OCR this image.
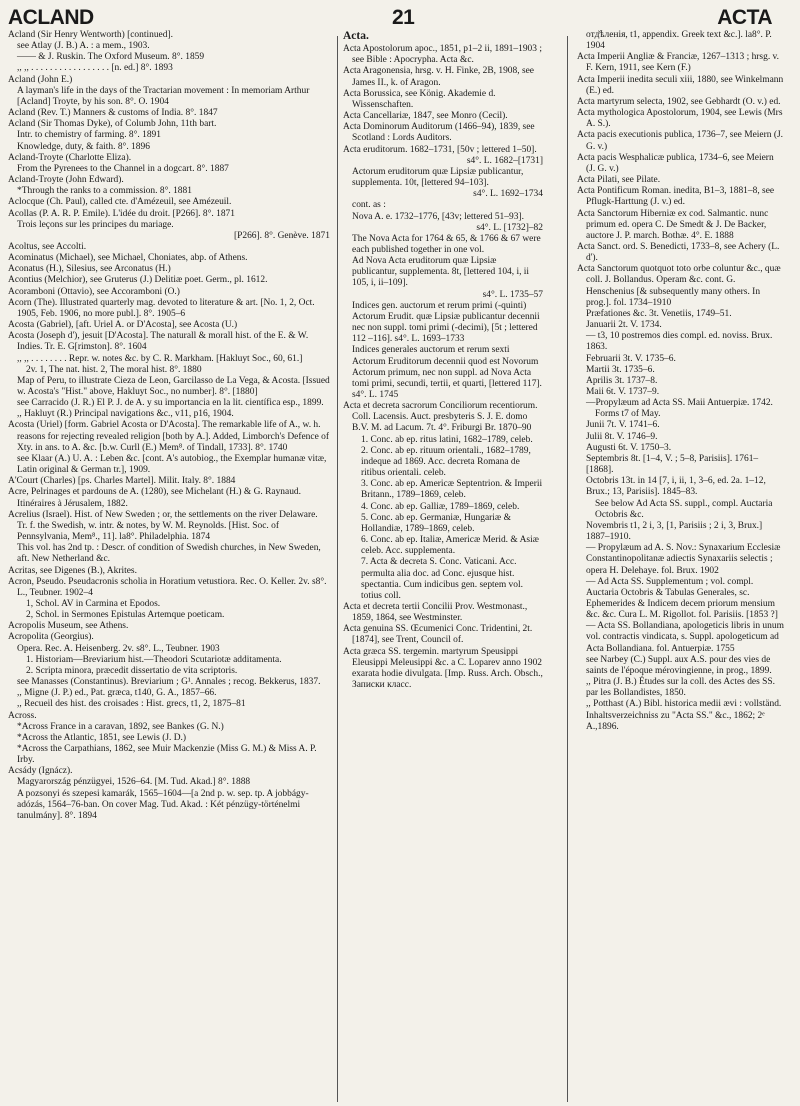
ACLAND	21	ACTA

Acland (Sir Henry Wentworth) [continued].

see Atlay (J. B.) A. : a mem., 1903.

—— & J. Ruskin. The Oxford Museum. 8°. 1859

,, ,, . . . . . . . . . . . . . . . . . [n. ed.] 8°. 1893

Acland (John E.)

A layman's life in the days of the Tractarian movement : In memoriam Arthur [Acland] Troyte, by his son. 8°. O. 1904

Acland (Rev. T.) Manners & customs of India. 8°. 1847

Acland (Sir Thomas Dyke), of Columb John, 11th bart.

Intr. to chemistry of farming. 8°. 1891

Knowledge, duty, & faith. 8°. 1896

Acland-Troyte (Charlotte Eliza).

From the Pyrenees to the Channel in a dogcart. 8°. 1887

Acland-Troyte (John Edward).

*Through the ranks to a commission. 8°. 1881

Aclocque (Ch. Paul), called cte. d'Amézeuil, see Amézeuil.

Acollas (P. A. R. P. Emile). L'idée du droit. [P266]. 8°. 1871

Trois leçons sur les principes du mariage.

[P266]. 8°. Genève. 1871

Acoltus, see Accolti.

Acominatus (Michael), see Michael, Choniates, abp. of Athens.

Aconatus (H.), Silesius, see Arconatus (H.)

Acontius (Melchior), see Gruterus (J.) Delitiæ poet. Germ., pl. 1612.

Acoramboni (Ottavio), see Accoramboni (O.)

Acorn (The). Illustrated quarterly mag. devoted to literature & art. [No. 1, 2, Oct. 1905, Feb. 1906, no more publ.]. 8°. 1905–6

Acosta (Gabriel), [aft. Uriel A. or D'Acosta], see Acosta (U.)

Acosta (Joseph d'), jesuit [D'Acosta]. The naturall & morall hist. of the E. & W. Indies. Tr. E. G[rimston]. 8°. 1604

,, ,, . . . . . . . . Repr. w. notes &c. by C. R. Markham. [Hakluyt Soc., 60, 61.]

2v. 1, The nat. hist. 2, The moral hist. 8°. 1880

Map of Peru, to illustrate Cieza de Leon, Garcilasso de La Vega, & Acosta. [Issued w. Acosta's "Hist." above, Hakluyt Soc., no number]. 8°. [1880]

see Carracido (J. R.) El P. J. de A. y su importancia en la lit. científica esp., 1899.

,, Hakluyt (R.) Principal navigations &c., v11, p16, 1904.

Acosta (Uriel) [form. Gabriel Acosta or D'Acosta]. The remarkable life of A., w. h. reasons for rejecting revealed religion [both by A.]. Added, Limborch's Defence of Xty. in ans. to A. &c. [b.w. Curll (E.) Mem⁸. of Tindall, 1733]. 8°. 1740

see Klaar (A.) U. A. : Leben &c. [cont. A's autobiog., the Exemplar humanæ vitæ, Latin original & German tr.], 1909.

A'Court (Charles) [ps. Charles Martel]. Milit. Italy. 8°. 1884

Acre, Pelrinages et pardouns de A. (1280), see Michelant (H.) & G. Raynaud. Itinéraires à Jérusalem, 1882.

Acrelius (Israel). Hist. of New Sweden ; or, the settlements on the river Delaware. Tr. f. the Swedish, w. intr. & notes, by W. M. Reynolds. [Hist. Soc. of Pennsylvania, Mem⁸., 11]. la8°. Philadelphia. 1874

This vol. has 2nd tp. : Descr. of condition of Swedish churches, in New Sweden, aft. New Netherland &c.

Acritas, see Digenes (B.), Akrites.

Acron, Pseudo. Pseudacronis scholia in Horatium vetustiora. Rec. O. Keller. 2v. s8°. L., Teubner. 1902–4

1, Schol. AV in Carmina et Epodos.

2, Schol. in Sermones Epistulas Artemque poeticam.

Acropolis Museum, see Athens.

Acropolita (Georgius).

Opera. Rec. A. Heisenberg. 2v. s8°. L., Teubner. 1903

1. Historiam—Breviarium hist.—Theodori Scutariotæ additamenta.

2. Scripta minora, præcedit dissertatio de vita scriptoris.

see Manasses (Constantinus). Breviarium ; G¹. Annales ; recog. Bekkerus, 1837.

,, Migne (J. P.) ed., Pat. græca, t140, G. A., 1857–66.

,, Recueil des hist. des croisades : Hist. grecs, t1, 2, 1875–81

Across.

*Across France in a caravan, 1892, see Bankes (G. N.)

*Across the Atlantic, 1851, see Lewis (J. D.)

*Across the Carpathians, 1862, see Muir Mackenzie (Miss G. M.) & Miss A. P. Irby.

Acsády (Ignácz).

Magyarország pénzügyei, 1526–64. [M. Tud. Akad.] 8°. 1888

A pozsonyi és szepesi kamarák, 1565–1604—[a 2nd p. w. sep. tp. A jobbágy-adózás, 1564–76-ban. On cover Mag. Tud. Akad. : Két pénzügy-történelmi tanulmány]. 8°. 1894

Acta.

Acta Apostolorum apoc., 1851, p1–2 ii, 1891–1903 ; see Bible : Apocrypha. Acta &c.

Acta Aragonensia, hrsg. v. H. Finke, 2B, 1908, see James II., k. of Aragon.

Acta Borussica, see König. Akademie d. Wissenschaften.

Acta Cancellariæ, 1847, see Monro (Cecil).

Acta Dominorum Auditorum (1466–94), 1839, see Scotland : Lords Auditors.

Acta eruditorum. 1682–1731, [50v ; lettered 1–50].

s4°. L. 1682–[1731]

Actorum eruditorum quæ Lipsiæ publicantur, supplementa. 10t, [lettered 94–103].

s4°. L. 1692–1734

cont. as :

Nova A. e. 1732–1776, [43v; lettered 51–93].

s4°. L. [1732]–82

The Nova Acta for 1764 & 65, & 1766 & 67 were each published together in one vol.

Ad Nova Acta eruditorum quæ Lipsiæ publicantur, supplementa. 8t, [lettered 104, i, ii 105, i, ii–109].

s4°. L. 1735–57

Indices gen. auctorum et rerum primi (-quinti) Actorum Erudit. quæ Lipsiæ publicantur decennii nec non suppl. tomi primi (-decimi), [5t ; lettered 112 –116]. s4°. L. 1693–1733

Indices generales auctorum et rerum sexti Actorum Eruditorum decennii quod est Novorum Actorum primum, nec non suppl. ad Nova Acta tomi primi, secundi, tertii, et quarti, [lettered 117]. s4°. L. 1745

Acta et decreta sacrorum Conciliorum recentiorum. Coll. Lacensis. Auct. presbyteris S. J. E. domo B.V. M. ad Lacum. 7t. 4°. Friburgi Br. 1870–90

1. Conc. ab ep. ritus latini, 1682–1789, celeb.

2. Conc. ab ep. rituum orientali., 1682–1789, indeque ad 1869. Acc. decreta Romana de ritibus orientali. celeb.

3. Conc. ab ep. Americæ Septentrion. & Imperii Britann., 1789–1869, celeb.

4. Conc. ab ep. Galliæ, 1789–1869, celeb.

5. Conc. ab ep. Germaniæ, Hungariæ & Hollandiæ, 1789–1869, celeb.

6. Conc. ab ep. Italiæ, Americæ Merid. & Asiæ celeb. Acc. supplementa.

7. Acta & decreta S. Conc. Vaticani. Acc. permulta alia doc. ad Conc. ejusque hist. spectantia. Cum indicibus gen. septem vol. totius coll.

Acta et decreta tertii Concilii Prov. Westmonast., 1859, 1864, see Westminster.

Acta genuina SS. Œcumenici Conc. Tridentini, 2t. [1874], see Trent, Council of.

Acta græca SS. tergemin. martyrum Speusippi Eleusippi Meleusippi &c. a C. Loparev anno 1902 exarata hodie divulgata. [Imp. Russ. Arch. Obsch., Записки класс.

отд̆ѣленія, t1, appendix. Greek text &c.]. la8°. P. 1904

Acta Imperii Angliæ & Franciæ, 1267–1313 ; hrsg. v. F. Kern, 1911, see Kern (F.)

Acta Imperii inedita seculi xiii, 1880, see Winkelmann (E.) ed.

Acta martyrum selecta, 1902, see Gebhardt (O. v.) ed.

Acta mythologica Apostolorum, 1904, see Lewis (Mrs A. S.).

Acta pacis executionis publica, 1736–7, see Meiern (J. G. v.)

Acta pacis Wesphalicæ publica, 1734–6, see Meiern (J. G. v.)

Acta Pilati, see Pilate.

Acta Pontificum Roman. inedita, B1–3, 1881–8, see Pflugk-Harttung (J. v.) ed.

Acta Sanctorum Hiberniæ ex cod. Salmantic. nunc primum ed. opera C. De Smedt & J. De Backer, auctore J. P. march. Bothæ. 4°. E. 1888

Acta Sanct. ord. S. Benedicti, 1733–8, see Achery (L. d').

Acta Sanctorum quotquot toto orbe coluntur &c., quæ coll. J. Bollandus. Operam &c. cont. G. Henschenius [& subsequently many others. In prog.]. fol. 1734–1910

Præfationes &c. 3t. Venetiis, 1749–51.

Januarii 2t. V. 1734.

— t3, 10 postremos dies compl. ed. noviss. Brux. 1863.

Februarii 3t. V. 1735–6.

Martii 3t. 1735–6.

Aprilis 3t. 1737–8.

Maii 6t. V. 1737–9.

—Propylæum ad Acta SS. Maii Antuerpiæ. 1742.

Forms t7 of May.

Junii 7t. V. 1741–6.

Julii 8t. V. 1746–9.

Augusti 6t. V. 1750–3.

Septembris 8t. [1–4, V. ; 5–8, Parisiis]. 1761–[1868].

Octobris 13t. in 14 [7, i, ii, 1, 3–6, ed. 2a. 1–12, Brux.; 13, Parisiis]. 1845–83.

See below Ad Acta SS. suppl., compl. Auctaria Octobris &c.

Novembris t1, 2 i, 3, [1, Parisiis ; 2 i, 3, Brux.] 1887–1910.

— Propylæum ad A. S. Nov.: Synaxarium Ecclesiæ Constantinopolitanæ adiectis Synaxariis selectis ; opera H. Delehaye. fol. Brux. 1902

— Ad Acta SS. Supplementum ; vol. compl. Auctaria Octobris & Tabulas Generales, sc. Ephemerides & Indicem decem priorum mensium &c. &c. Cura L. M. Rigollot. fol. Parisiis. [1853 ?]

— Acta SS. Bollandiana, apologeticis libris in unum vol. contractis vindicata, s. Suppl. apologeticum ad Acta Bollandiana. fol. Antuerpiæ. 1755

see Narbey (C.) Suppl. aux A.S. pour des vies de saints de l'époque mérovingienne, in prog., 1899.

,, Pitra (J. B.) Études sur la coll. des Actes des SS. par les Bollandistes, 1850.

,, Potthast (A.) Bibl. historica medii ævi : vollständ. Inhaltsverzeichniss zu "Acta SS." &c., 1862; 2ᵉ A.,1896.
